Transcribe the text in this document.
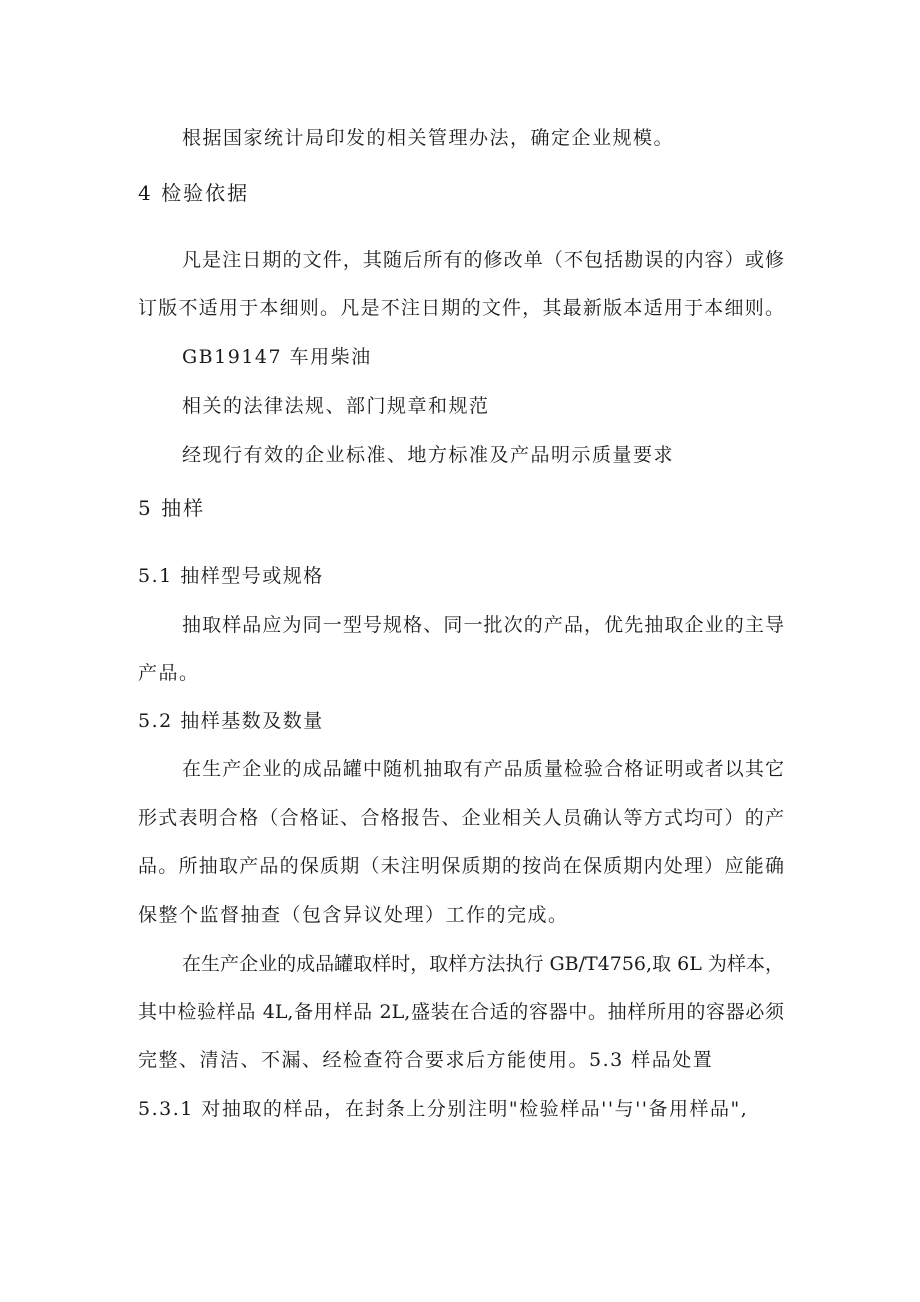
根据国家统计局印发的相关管理办法，确定企业规模。
4 检验依据
凡是注日期的文件，其随后所有的修改单（不包括勘误的内容）或修
订版不适用于本细则。凡是不注日期的文件，其最新版本适用于本细则。
GB19147 车用柴油
相关的法律法规、部门规章和规范
经现行有效的企业标准、地方标准及产品明示质量要求
5 抽样
5.1 抽样型号或规格
抽取样品应为同一型号规格、同一批次的产品，优先抽取企业的主导
产品。
5.2 抽样基数及数量
在生产企业的成品罐中随机抽取有产品质量检验合格证明或者以其它
形式表明合格（合格证、合格报告、企业相关人员确认等方式均可）的产
品。所抽取产品的保质期（未注明保质期的按尚在保质期内处理）应能确
保整个监督抽查（包含异议处理）工作的完成。
在生产企业的成品罐取样时，取样方法执行 GB/T4756,取 6L 为样本，
其中检验样品 4L,备用样品 2L,盛装在合适的容器中。抽样所用的容器必须
完整、清洁、不漏、经检查符合要求后方能使用。5.3 样品处置
5.3.1 对抽取的样品，在封条上分别注明"检验样品''与''备用样品",
